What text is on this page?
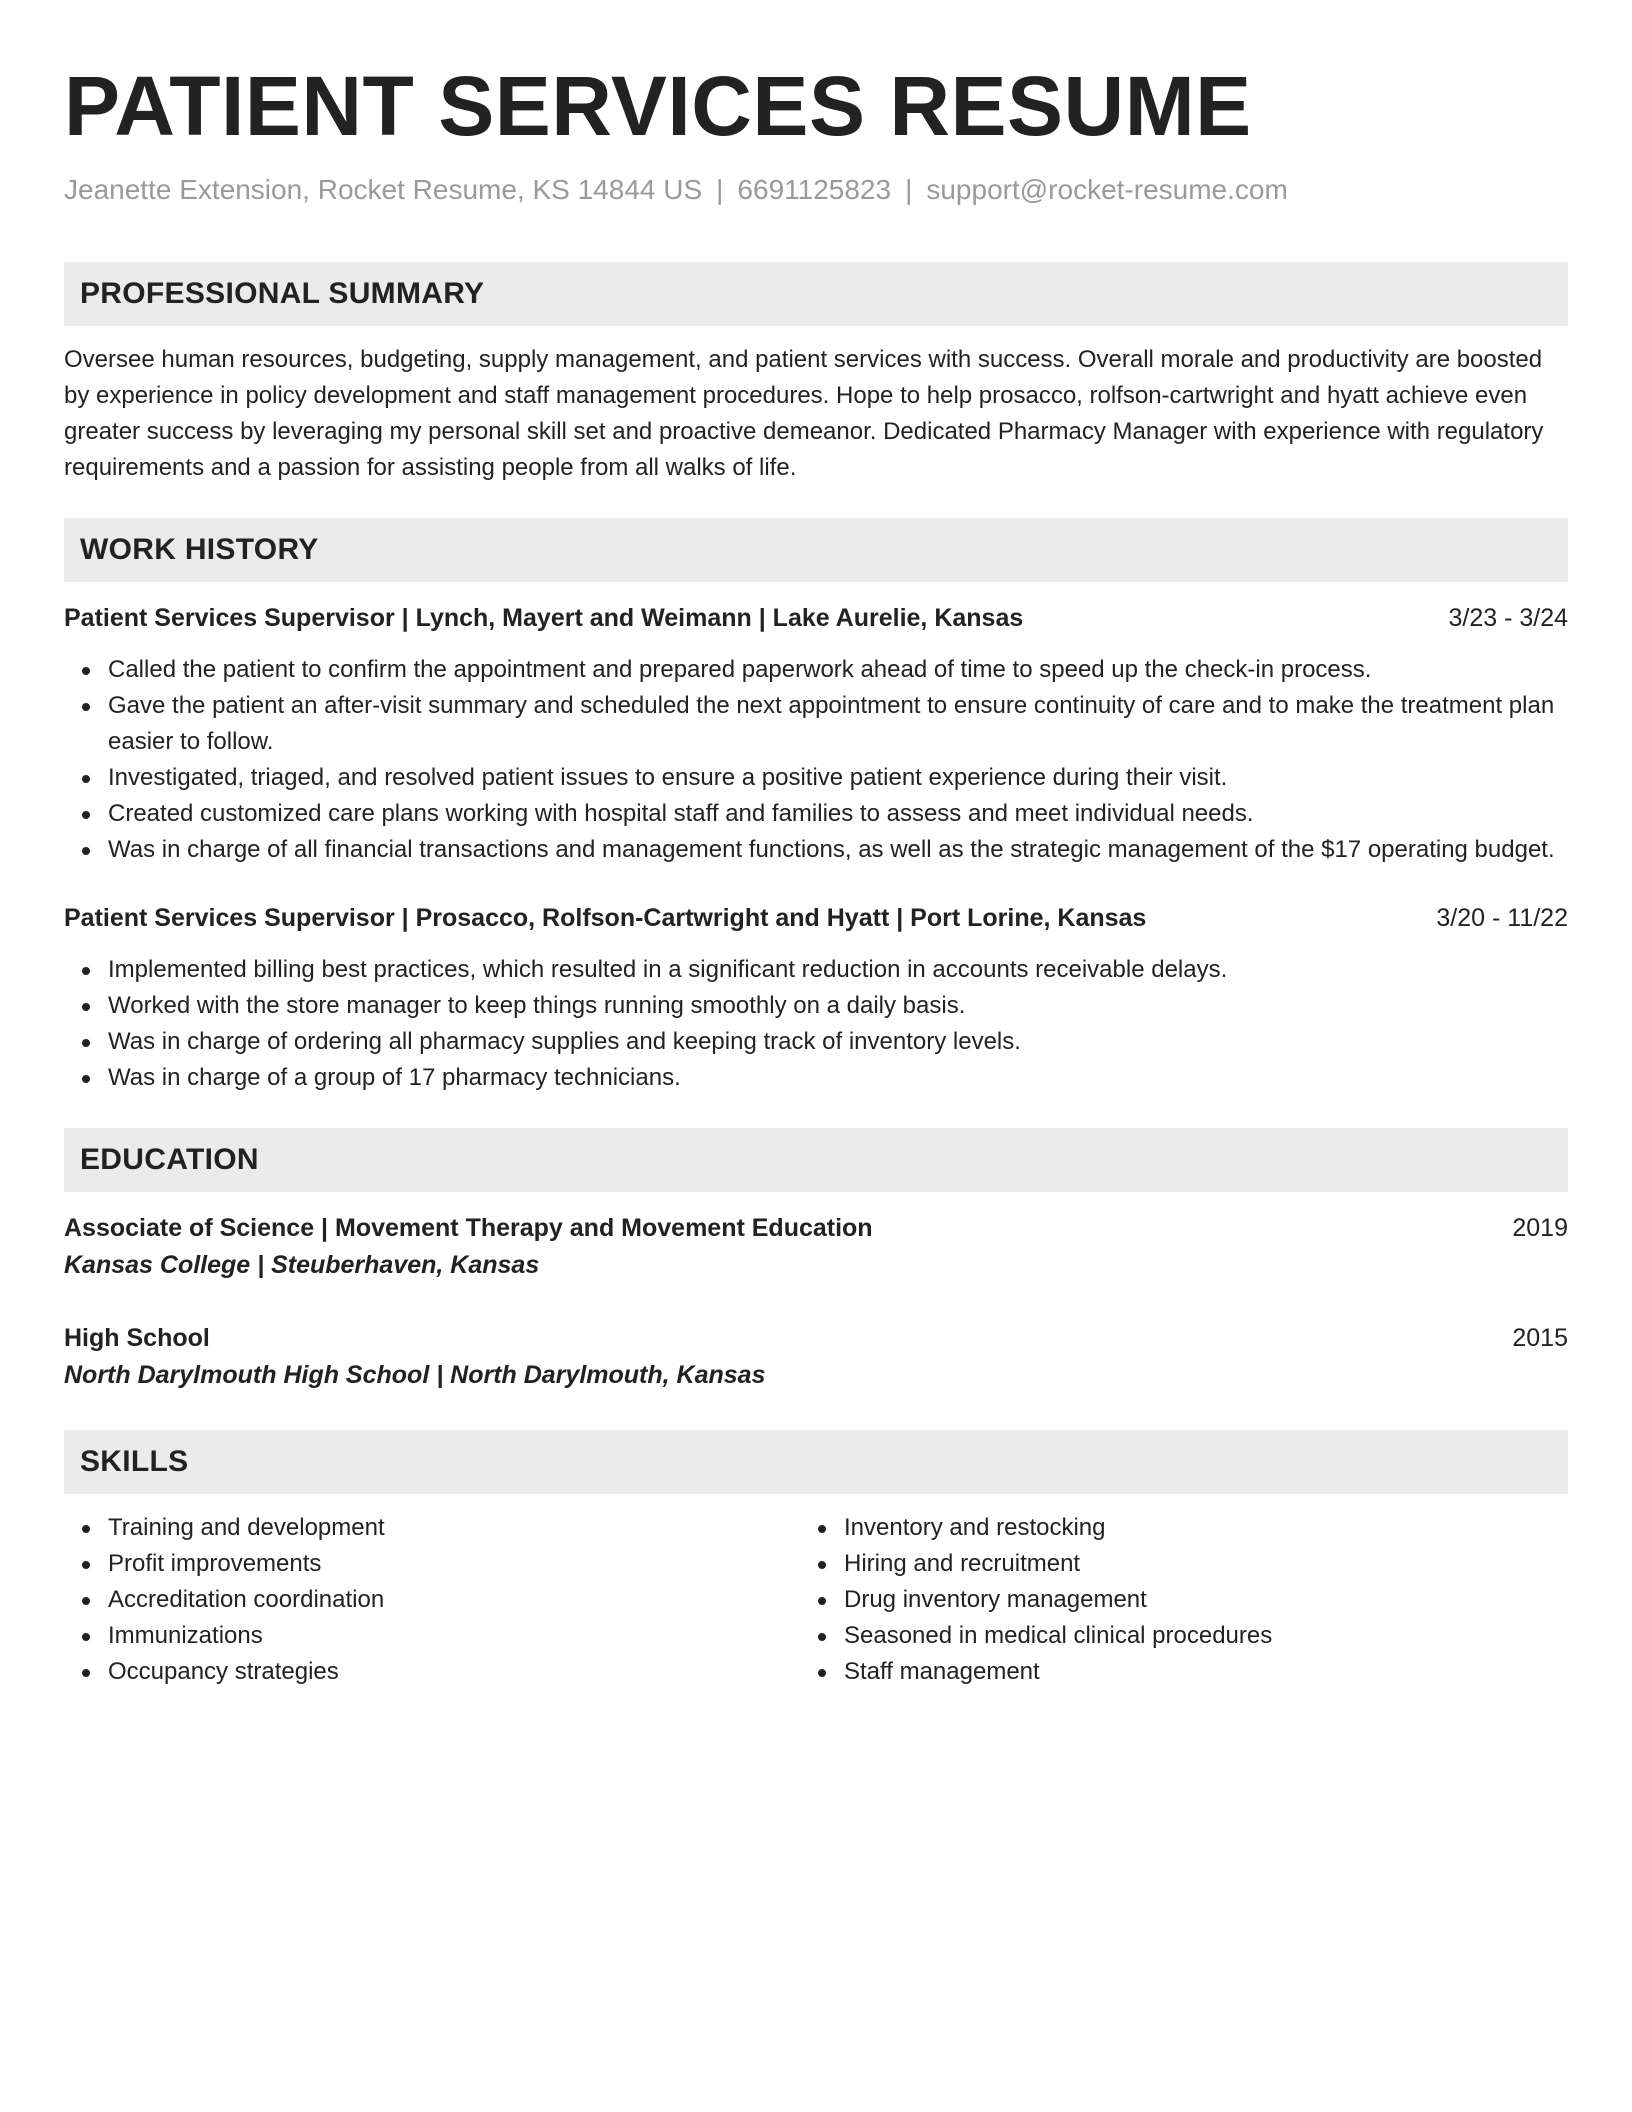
PATIENT SERVICES RESUME
Jeanette Extension, Rocket Resume, KS 14844 US | 6691125823 | support@rocket-resume.com
PROFESSIONAL SUMMARY

Oversee human resources, budgeting, supply management, and patient services with success. Overall morale and productivity are boosted by experience in policy development and staff management procedures. Hope to help prosacco, rolfson-cartwright and hyatt achieve even greater success by leveraging my personal skill set and proactive demeanor. Dedicated Pharmacy Manager with experience with regulatory requirements and a passion for assisting people from all walks of life.

WORK HISTORY
Patient Services Supervisor | Lynch, Mayert and Weimann | Lake Aurelie, Kansas	3/23 - 3/24
Called the patient to confirm the appointment and prepared paperwork ahead of time to speed up the check-in process.
Gave the patient an after-visit summary and scheduled the next appointment to ensure continuity of care and to make the treatment plan easier to follow.
Investigated, triaged, and resolved patient issues to ensure a positive patient experience during their visit.
Created customized care plans working with hospital staff and families to assess and meet individual needs.
Was in charge of all financial transactions and management functions, as well as the strategic management of the $17 operating budget.
Patient Services Supervisor | Prosacco, Rolfson-Cartwright and Hyatt | Port Lorine, Kansas	3/20 - 11/22
Implemented billing best practices, which resulted in a significant reduction in accounts receivable delays.
Worked with the store manager to keep things running smoothly on a daily basis.
Was in charge of ordering all pharmacy supplies and keeping track of inventory levels.
Was in charge of a group of 17 pharmacy technicians.
EDUCATION
Associate of Science | Movement Therapy and Movement Education	2019
Kansas College | Steuberhaven, Kansas
High School	2015
North Darylmouth High School | North Darylmouth, Kansas
SKILLS
Training and development
Profit improvements
Accreditation coordination
Immunizations
Occupancy strategies
Inventory and restocking
Hiring and recruitment
Drug inventory management
Seasoned in medical clinical procedures
Staff management
